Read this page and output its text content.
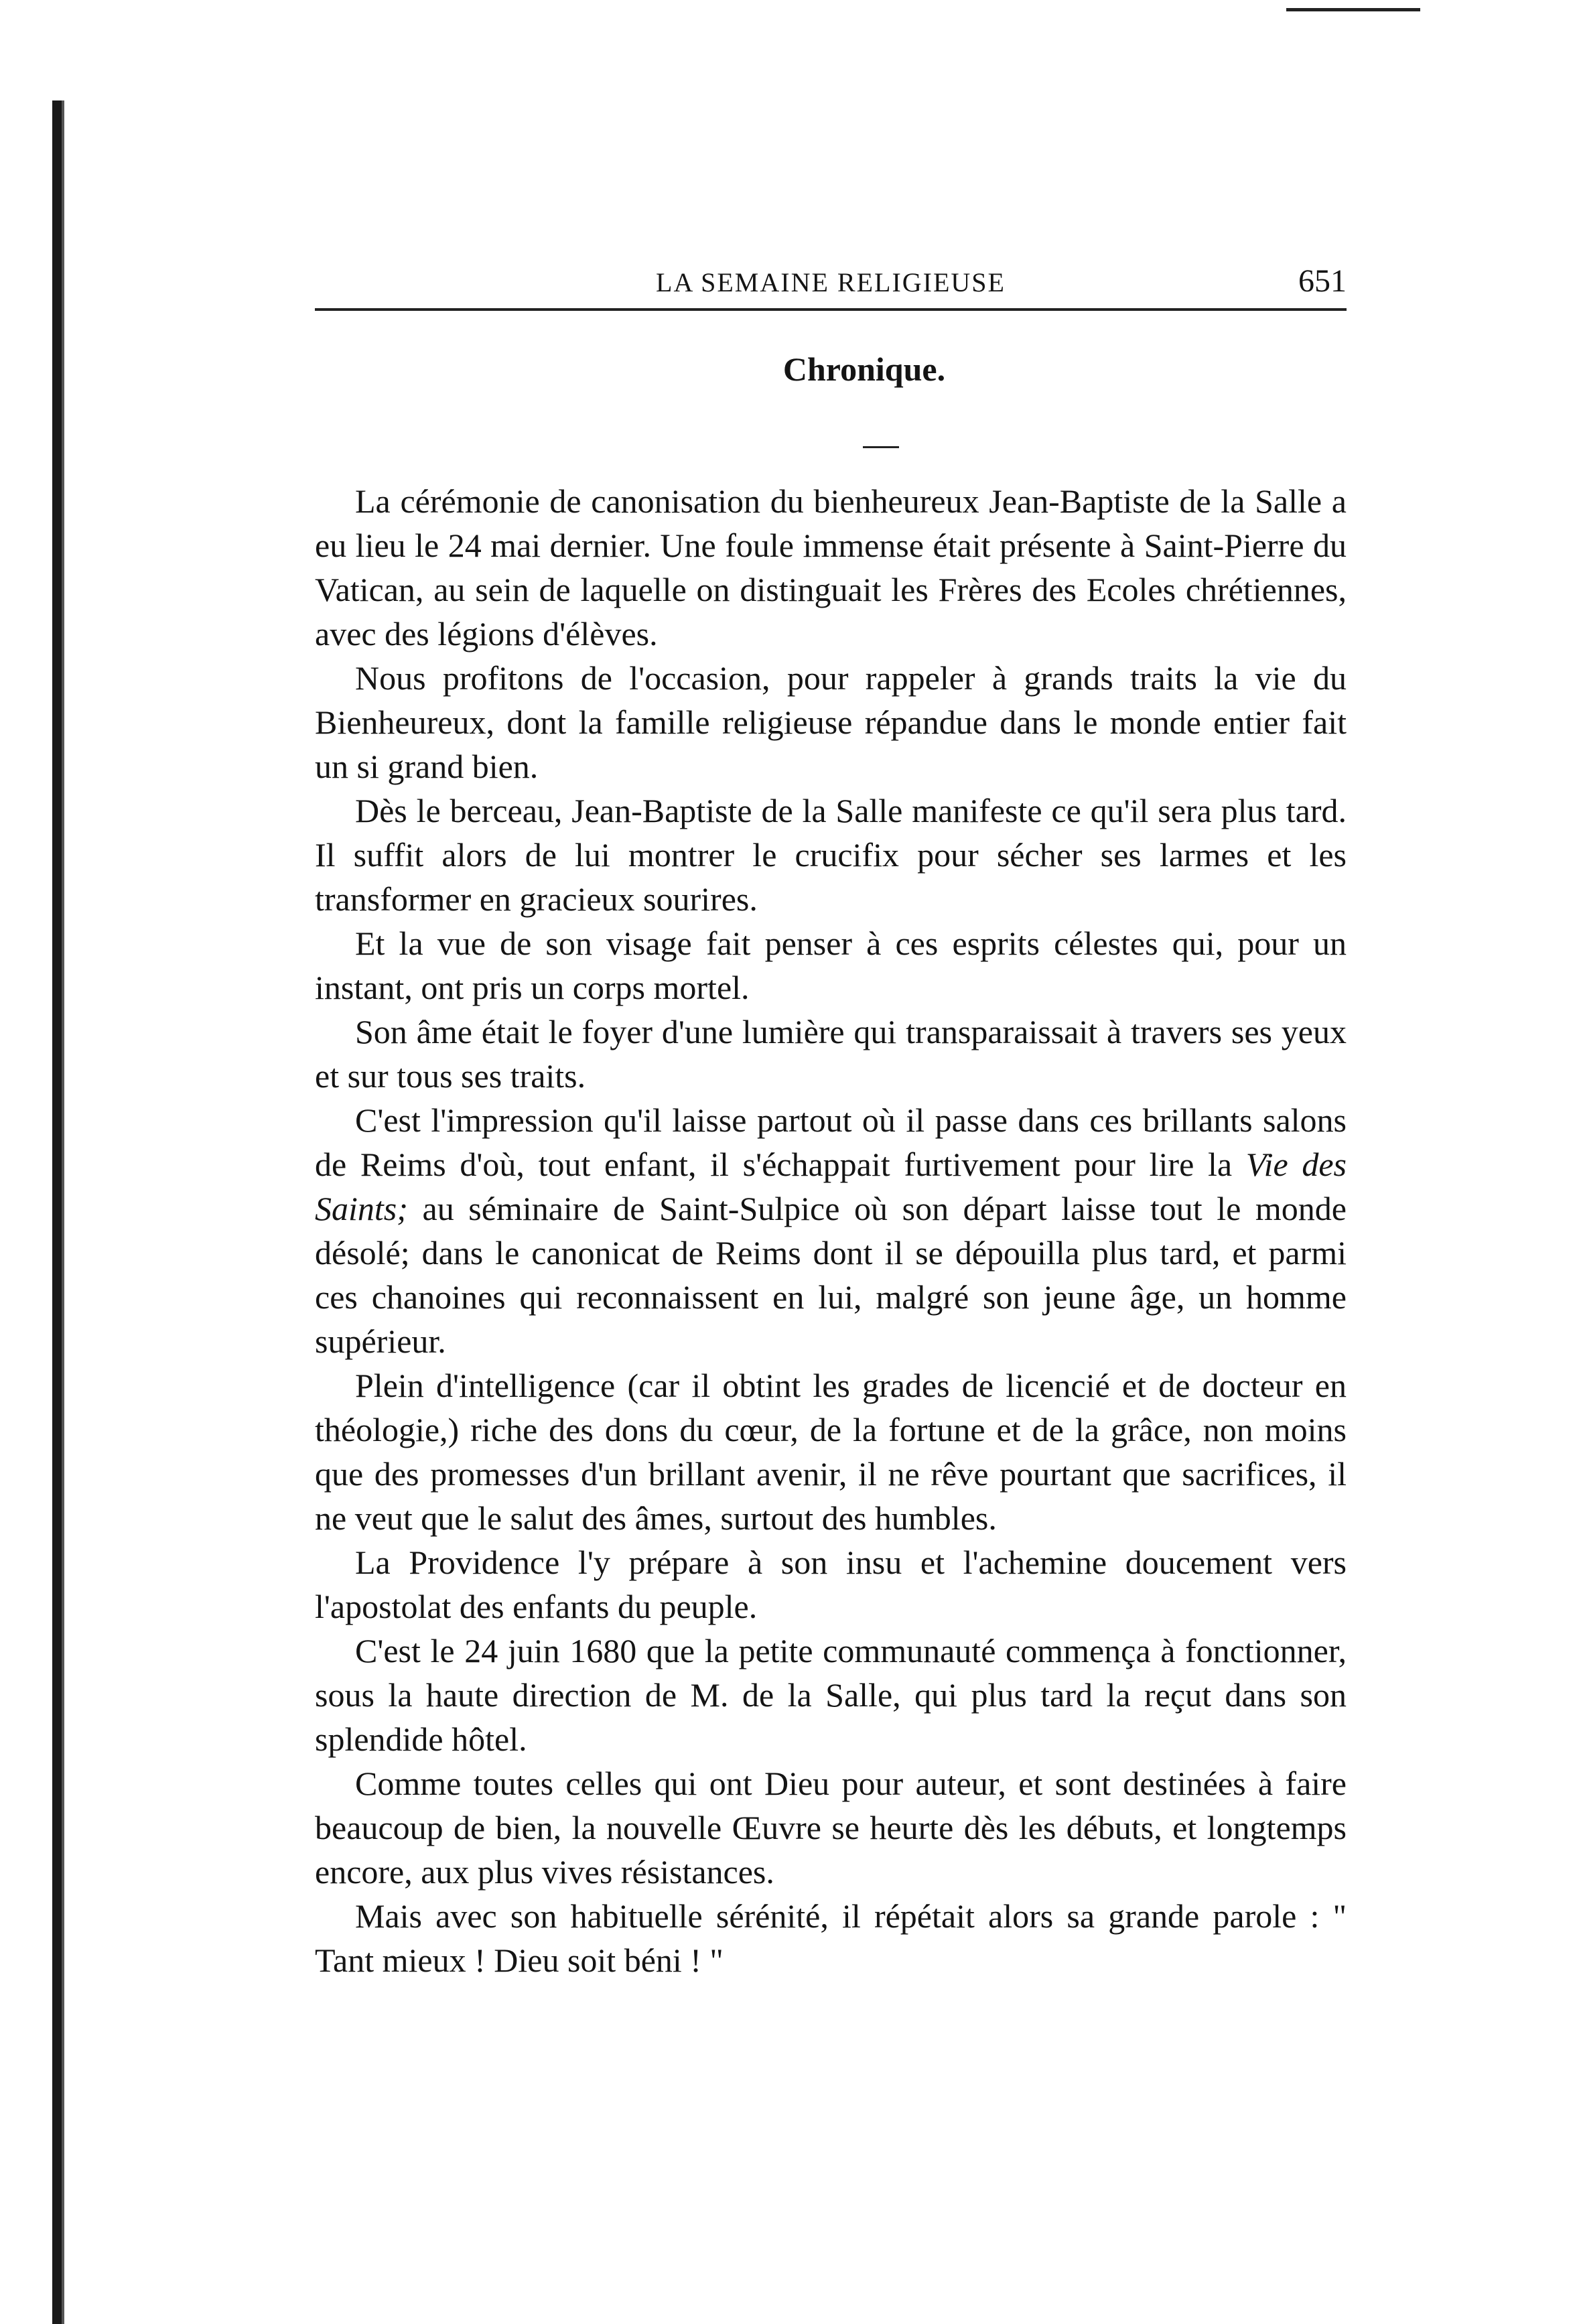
LA SEMAINE RELIGIEUSE	651
Chronique.

La cérémonie de canonisation du bienheureux Jean-Baptiste de la Salle a eu lieu le 24 mai dernier. Une foule immense était présente à Saint-Pierre du Vatican, au sein de laquelle on distinguait les Frères des Ecoles chrétiennes, avec des légions d'élèves.

Nous profitons de l'occasion, pour rappeler à grands traits la vie du Bienheureux, dont la famille religieuse répandue dans le monde entier fait un si grand bien.

Dès le berceau, Jean-Baptiste de la Salle manifeste ce qu'il sera plus tard. Il suffit alors de lui montrer le crucifix pour sécher ses larmes et les transformer en gracieux sourires.

Et la vue de son visage fait penser à ces esprits célestes qui, pour un instant, ont pris un corps mortel.

Son âme était le foyer d'une lumière qui transparaissait à travers ses yeux et sur tous ses traits.

C'est l'impression qu'il laisse partout où il passe dans ces brillants salons de Reims d'où, tout enfant, il s'échappait furtivement pour lire la Vie des Saints; au séminaire de Saint-Sulpice où son départ laisse tout le monde désolé; dans le canonicat de Reims dont il se dépouilla plus tard, et parmi ces chanoines qui reconnaissent en lui, malgré son jeune âge, un homme supérieur.

Plein d'intelligence (car il obtint les grades de licencié et de docteur en théologie,) riche des dons du cœur, de la fortune et de la grâce, non moins que des promesses d'un brillant avenir, il ne rêve pourtant que sacrifices, il ne veut que le salut des âmes, surtout des humbles.

La Providence l'y prépare à son insu et l'achemine doucement vers l'apostolat des enfants du peuple.

C'est le 24 juin 1680 que la petite communauté commença à fonctionner, sous la haute direction de M. de la Salle, qui plus tard la reçut dans son splendide hôtel.

Comme toutes celles qui ont Dieu pour auteur, et sont destinées à faire beaucoup de bien, la nouvelle Œuvre se heurte dès les débuts, et longtemps encore, aux plus vives résistances.

Mais avec son habituelle sérénité, il répétait alors sa grande parole : " Tant mieux ! Dieu soit béni ! "
